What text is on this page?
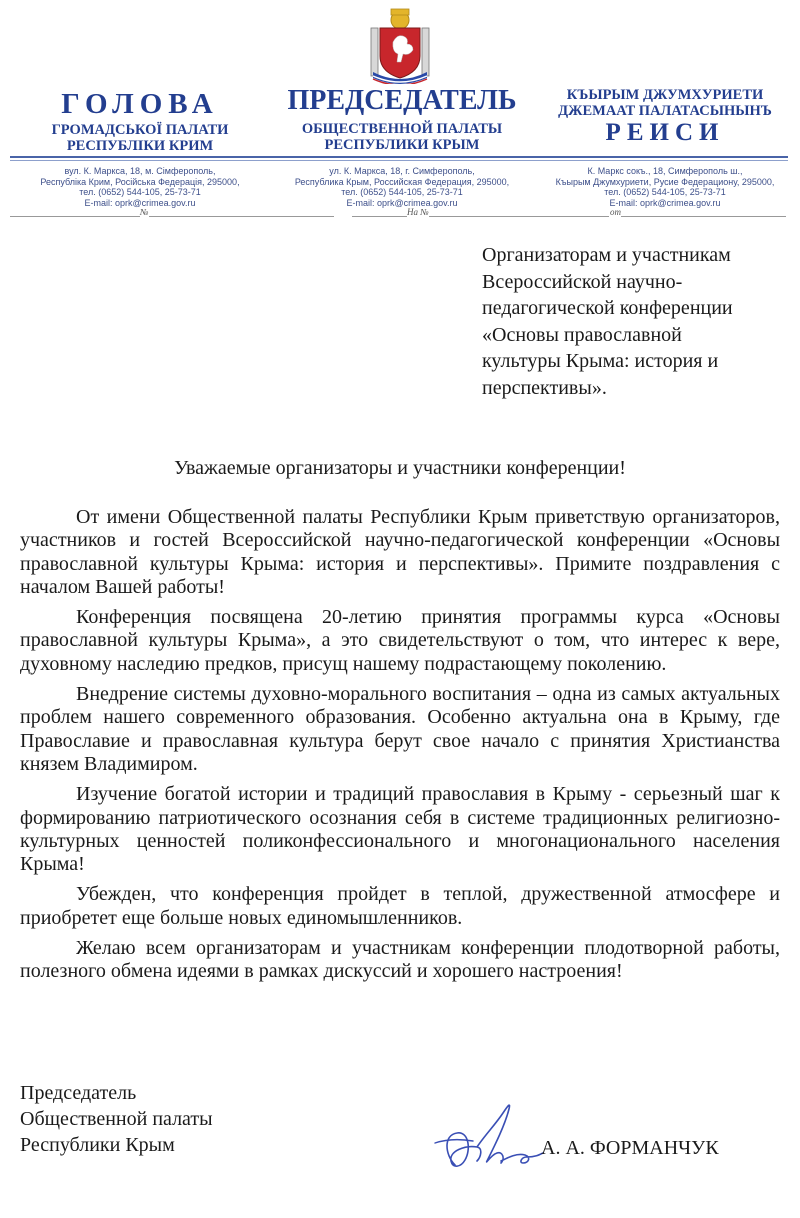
ГОЛОВА
ГРОМАДСЬКОЇ ПАЛАТИ
РЕСПУБЛІКИ КРИМ
ПРЕДСЕДАТЕЛЬ
ОБЩЕСТВЕННОЙ ПАЛАТЫ
РЕСПУБЛИКИ КРЫМ
КЪЫРЫМ ДЖУМХУРИЕТИ
ДЖЕМААТ ПАЛАТАСЫНЫНЪ
РЕИСИ
вул. К. Маркса, 18, м. Сімферополь,
Республіка Крим, Російська Федерація, 295000,
тел. (0652) 544-105, 25-73-71
E-mail: oprk@crimea.gov.ru
ул. К. Маркса, 18, г. Симферополь,
Республика Крым, Российская Федерация, 295000,
тел. (0652) 544-105, 25-73-71
E-mail: oprk@crimea.gov.ru
К. Маркс сокъ., 18, Симферополь ш.,
Къырым Джумхуриети, Русие Федерациону, 295000,
тел. (0652) 544-105, 25-73-71
E-mail: oprk@crimea.gov.ru
№	На №	от
Организаторам и участникам
Всероссийской научно-
педагогической конференции
«Основы православной
культуры Крыма: история и
перспективы».
Уважаемые организаторы и участники конференции!

От имени Общественной палаты Республики Крым приветствую организаторов, участников и гостей Всероссийской научно-педагогической конференции «Основы православной культуры Крыма: история и перспективы». Примите поздравления с началом Вашей работы!

Конференция посвящена 20-летию принятия программы курса «Основы православной культуры Крыма», а это свидетельствуют о том, что интерес к вере, духовному наследию предков, присущ нашему подрастающему поколению.

Внедрение системы духовно-морального воспитания – одна из самых актуальных проблем нашего современного образования. Особенно актуальна она в Крыму, где Православие и православная культура берут свое начало с принятия Христианства князем Владимиром.

Изучение богатой истории и традиций православия в Крыму - серьезный шаг к формированию патриотического осознания себя в системе традиционных религиозно-культурных ценностей поликонфессионального и многонационального населения Крыма!

Убежден, что конференция пройдет в теплой, дружественной атмосфере и приобретет еще больше новых единомышленников.

Желаю всем организаторам и участникам конференции плодотворной работы, полезного обмена идеями в рамках дискуссий и хорошего настроения!

Председатель
Общественной палаты
Республики Крым	А. А. ФОРМАНЧУК
